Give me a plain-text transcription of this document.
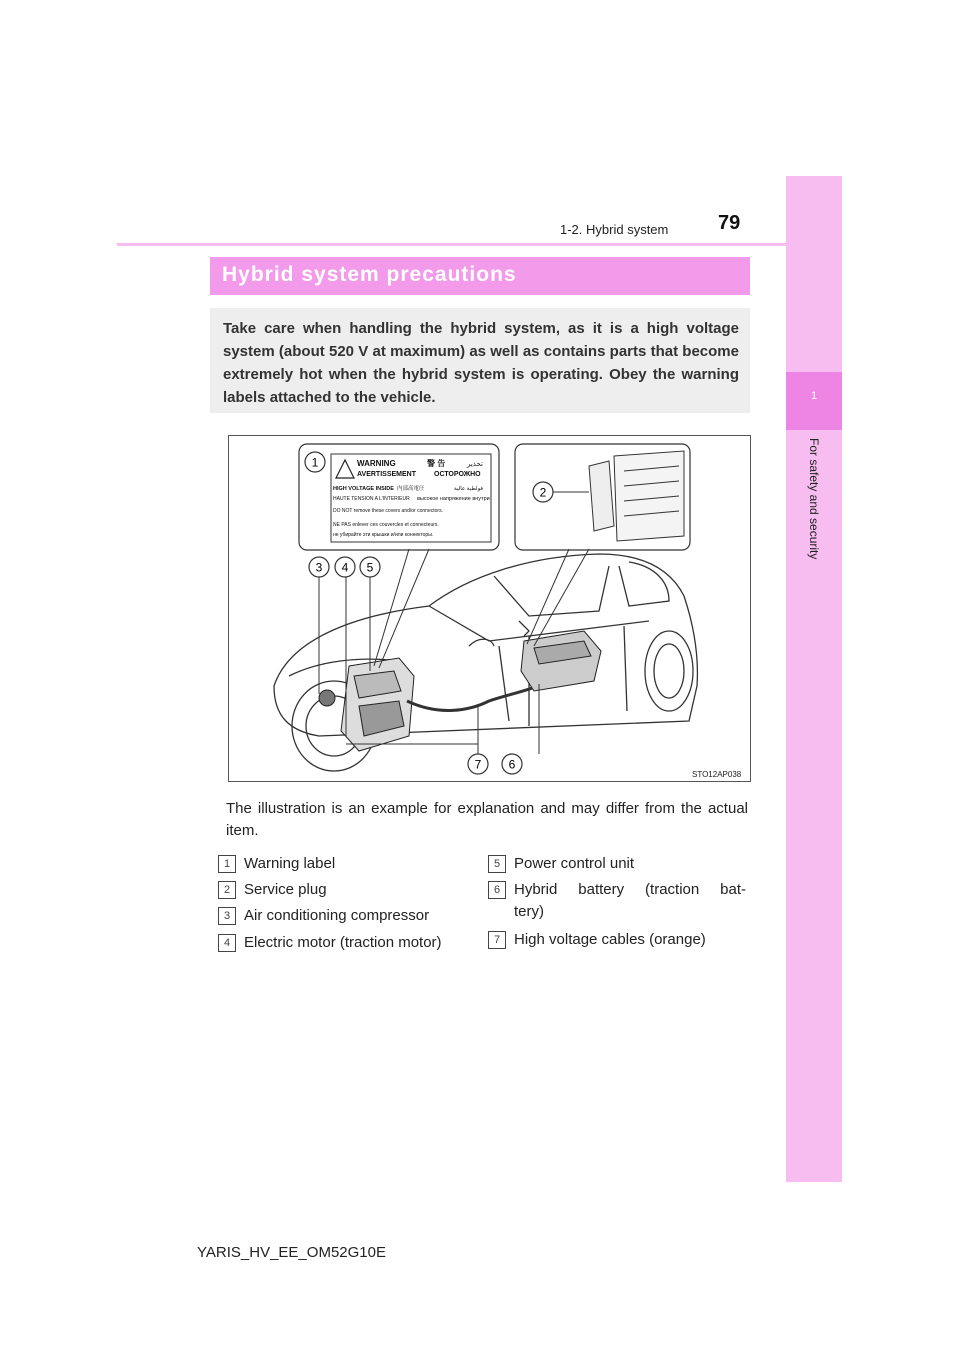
1
For safety and security
79
1-2. Hybrid system
Hybrid system precautions
Take care when handling the hybrid system, as it is a high voltage system (about 520 V at maximum) as well as contains parts that become extremely hot when the hybrid system is operating. Obey the warning labels attached to the vehicle.
WARNING	警 告	تحذير
AVERTISSEMENT	ОСТОРОЖНО
HIGH VOLTAGE INSIDE 内部高電圧	فولطية عالية
HAUTE TENSION A L'INTERIEUR высокое напряжение внутри
DO NOT remove these covers and/or connectors.
NE PAS enlever ces couvercles et connecteurs.
не убирайте эти крышки и/или коннекторы.
1
2
3 4 5
6
7
STO12AP038
The illustration is an example for explanation and may differ from the actual item.
1 Warning label
2 Service plug
3 Air conditioning compressor
4 Electric motor (traction motor)
5 Power control unit
6 Hybrid battery (traction bat-
tery)
7 High voltage cables (orange)
YARIS_HV_EE_OM52G10E
